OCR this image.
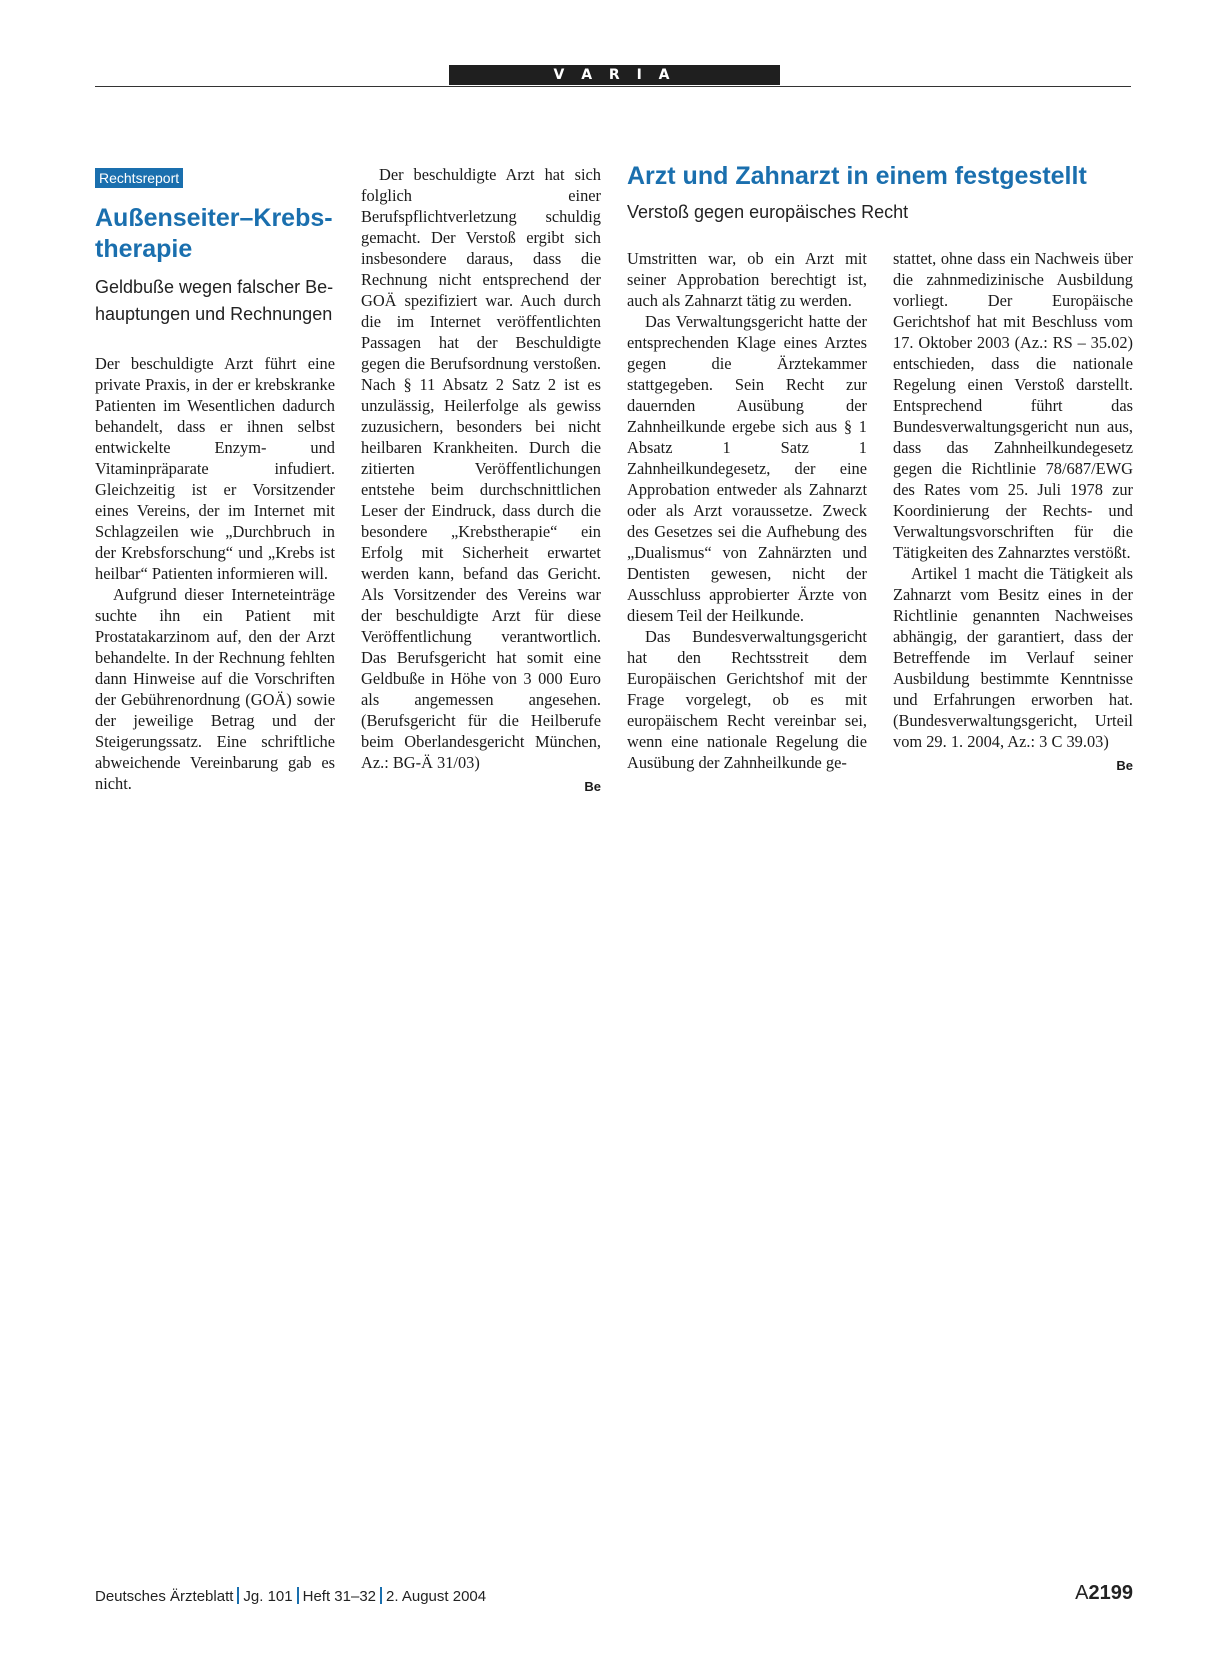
V A R I A
Rechtsreport
Außenseiter–Krebs-therapie

Geldbuße wegen falscher Be-hauptungen und Rechnungen

Der beschuldigte Arzt führt eine private Praxis, in der er krebskranke Patienten im Wesentlichen dadurch behandelt, dass er ihnen selbst entwickelte Enzym- und Vitaminpräparate infudiert. Gleichzeitig ist er Vorsitzender eines Vereins, der im Internet mit Schlagzeilen wie „Durchbruch in der Krebsforschung“ und „Krebs ist heilbar“ Patienten informieren will.

Aufgrund dieser Interneteinträge suchte ihn ein Patient mit Prostatakarzinom auf, den der Arzt behandelte. In der Rechnung fehlten dann Hinweise auf die Vorschriften der Gebührenordnung (GOÄ) sowie der jeweilige Betrag und der Steigerungssatz. Eine schriftliche abweichende Vereinbarung gab es nicht.

Der beschuldigte Arzt hat sich folglich einer Berufspflichtverletzung schuldig gemacht. Der Verstoß ergibt sich insbesondere daraus, dass die Rechnung nicht entsprechend der GOÄ spezifiziert war. Auch durch die im Internet veröffentlichten Passagen hat der Beschuldigte gegen die Berufsordnung verstoßen. Nach § 11 Absatz 2 Satz 2 ist es unzulässig, Heilerfolge als gewiss zuzusichern, besonders bei nicht heilbaren Krankheiten. Durch die zitierten Veröffentlichungen entstehe beim durchschnittlichen Leser der Eindruck, dass durch die besondere „Krebstherapie“ ein Erfolg mit Sicherheit erwartet werden kann, befand das Gericht. Als Vorsitzender des Vereins war der beschuldigte Arzt für diese Veröffentlichung verantwortlich. Das Berufsgericht hat somit eine Geldbuße in Höhe von 3 000 Euro als angemessen angesehen. (Berufsgericht für die Heilberufe beim Oberlandesgericht München, Az.: BG-Ä 31/03)

Be
Arzt und Zahnarzt in einem festgestellt

Verstoß gegen europäisches Recht

Umstritten war, ob ein Arzt mit seiner Approbation berechtigt ist, auch als Zahnarzt tätig zu werden.

Das Verwaltungsgericht hatte der entsprechenden Klage eines Arztes gegen die Ärztekammer stattgegeben. Sein Recht zur dauernden Ausübung der Zahnheilkunde ergebe sich aus § 1 Absatz 1 Satz 1 Zahnheilkundegesetz, der eine Approbation entweder als Zahnarzt oder als Arzt voraussetze. Zweck des Gesetzes sei die Aufhebung des „Dualismus“ von Zahnärzten und Dentisten gewesen, nicht der Ausschluss approbierter Ärzte von diesem Teil der Heilkunde.

Das Bundesverwaltungsgericht hat den Rechtsstreit dem Europäischen Gerichtshof mit der Frage vorgelegt, ob es mit europäischem Recht vereinbar sei, wenn eine nationale Regelung die Ausübung der Zahnheilkunde ge-

stattet, ohne dass ein Nachweis über die zahnmedizinische Ausbildung vorliegt. Der Europäische Gerichtshof hat mit Beschluss vom 17. Oktober 2003 (Az.: RS – 35.02) entschieden, dass die nationale Regelung einen Verstoß darstellt. Entsprechend führt das Bundesverwaltungsgericht nun aus, dass das Zahnheilkundegesetz gegen die Richtlinie 78/687/EWG des Rates vom 25. Juli 1978 zur Koordinierung der Rechts- und Verwaltungsvorschriften für die Tätigkeiten des Zahnarztes verstößt.

Artikel 1 macht die Tätigkeit als Zahnarzt vom Besitz eines in der Richtlinie genannten Nachweises abhängig, der garantiert, dass der Betreffende im Verlauf seiner Ausbildung bestimmte Kenntnisse und Erfahrungen erworben hat. (Bundesverwaltungsgericht, Urteil vom 29. 1. 2004, Az.: 3 C 39.03)

Be
Deutsches Ärzteblatt Jg. 101 Heft 31–32 2. August 2004	A2199
